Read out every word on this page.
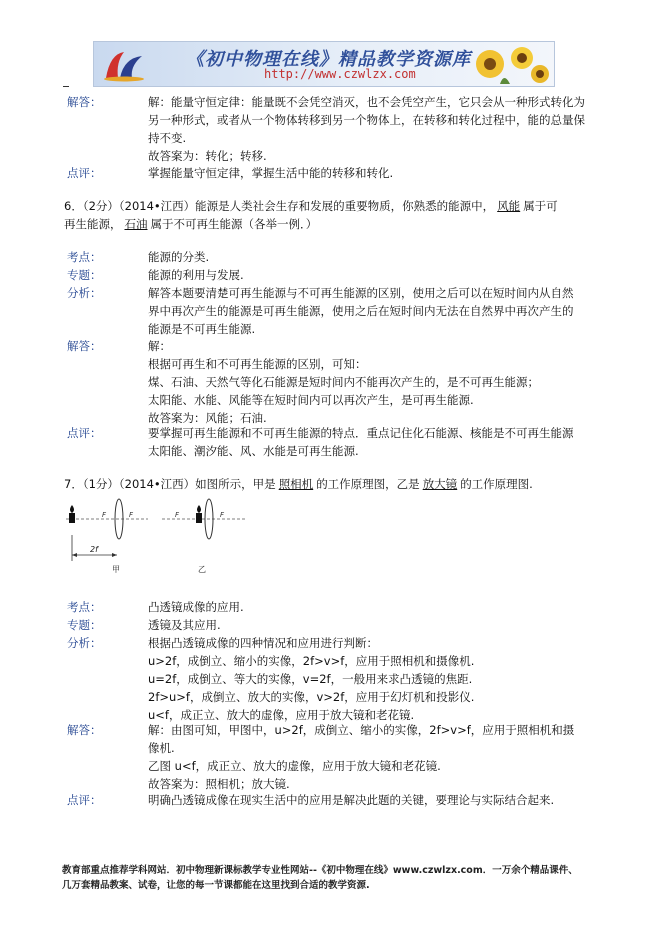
《初中物理在线》精品教学资源库
http://www.czwlzx.com
解答：	解：能量守恒定律：能量既不会凭空消灭，也不会凭空产生，它只会从一种形式转化为
另一种形式，或者从一个物体转移到另一个物体上，在转移和转化过程中，能的总量保
持不变.
故答案为：转化；转移.
点评：	掌握能量守恒定律，掌握生活中能的转移和转化.
6．（2分）（2014•江西）能源是人类社会生存和发展的重要物质，你熟悉的能源中， 风能 属于可
再生能源， 石油 属于不可再生能源（各举一例．）
考点：	能源的分类.
专题：	能源的利用与发展.
分析：	解答本题要清楚可再生能源与不可再生能源的区别，使用之后可以在短时间内从自然
界中再次产生的能源是可再生能源，使用之后在短时间内无法在自然界中再次产生的
能源是不可再生能源.
解答：	解：
根据可再生和不可再生能源的区别，可知：
煤、石油、天然气等化石能源是短时间内不能再次产生的，是不可再生能源；
太阳能、水能、风能等在短时间内可以再次产生，是可再生能源.
故答案为：风能；石油.
点评：	要掌握可再生能源和不可再生能源的特点．重点记住化石能源、核能是不可再生能源
太阳能、潮汐能、风、水能是可再生能源.
7．（1分）（2014•江西）如图所示，甲是 照相机 的工作原理图，乙是 放大镜 的工作原理图.
F	F
2f
甲
F	F
乙
考点：	凸透镜成像的应用.
专题：	透镜及其应用.
分析：	根据凸透镜成像的四种情况和应用进行判断：
u>2f，成倒立、缩小的实像，2f>v>f，应用于照相机和摄像机.
u=2f，成倒立、等大的实像，v=2f，一般用来求凸透镜的焦距.
2f>u>f，成倒立、放大的实像，v>2f，应用于幻灯机和投影仪.
u<f，成正立、放大的虚像，应用于放大镜和老花镜.
解答：	解：由图可知，甲图中，u>2f，成倒立、缩小的实像，2f>v>f，应用于照相机和摄
像机.
乙图 u<f，成正立、放大的虚像，应用于放大镜和老花镜.
故答案为：照相机；放大镜.
点评：	明确凸透镜成像在现实生活中的应用是解决此题的关键，要理论与实际结合起来.
教育部重点推荐学科网站．初中物理新课标教学专业性网站--《初中物理在线》www.czwlzx.com．一万余个精品课件、
几万套精品教案、试卷，让您的每一节课都能在这里找到合适的教学资源.
